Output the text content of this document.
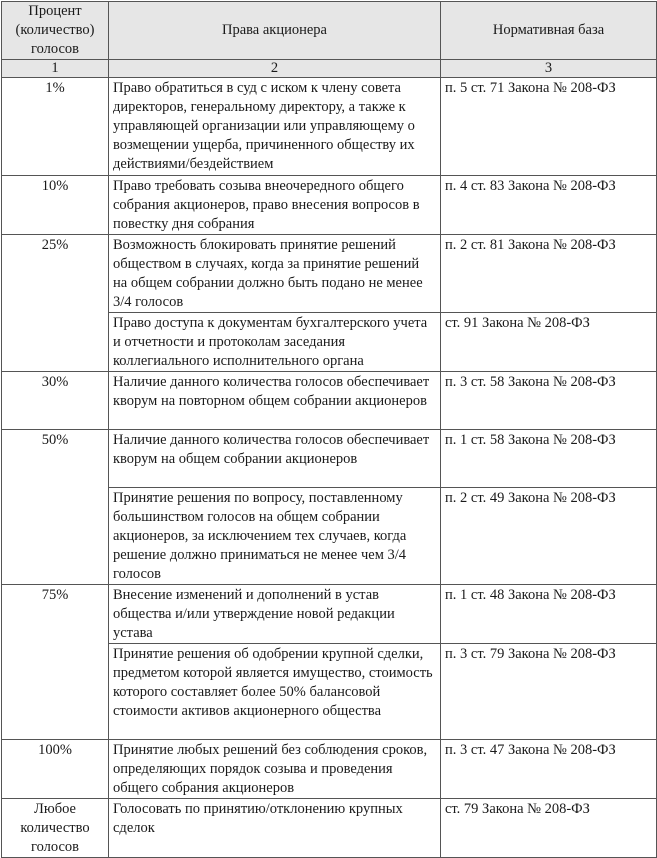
Процент (количество) голосов	Права акционера	Нормативная база
1	2	3
1%	Право обратиться в суд с иском к члену совета директоров, генеральному директору, а также к управляющей организации или управляющему о возмещении ущерба, причиненного обществу их действиями/бездействием	п. 5 ст. 71 Закона № 208-ФЗ
10%	Право требовать созыва внеочередного общего собрания акционеров, право внесения вопросов в повестку дня собрания	п. 4 ст. 83 Закона № 208-ФЗ
25%	Возможность блокировать принятие решений обществом в случаях, когда за принятие решений на общем собрании должно быть подано не менее 3/4 голосов	п. 2 ст. 81 Закона № 208-ФЗ
	Право доступа к документам бухгалтерского учета и отчетности и протоколам заседания коллегиального исполнительного органа	ст. 91 Закона № 208-ФЗ
30%	Наличие данного количества голосов обеспечивает кворум на повторном общем собрании акционеров	п. 3 ст. 58 Закона № 208-ФЗ
50%	Наличие данного количества голосов обеспечивает кворум на общем собрании акционеров	п. 1 ст. 58 Закона № 208-ФЗ
	Принятие решения по вопросу, поставленному большинством голосов на общем собрании акционеров, за исключением тех случаев, когда решение должно приниматься не менее чем 3/4 голосов	п. 2 ст. 49 Закона № 208-ФЗ
75%	Внесение изменений и дополнений в устав общества и/или утверждение новой редакции устава	п. 1 ст. 48 Закона № 208-ФЗ
	Принятие решения об одобрении крупной сделки, предметом которой является имущество, стоимость которого составляет более 50% балансовой стоимости активов акционерного общества	п. 3 ст. 79 Закона № 208-ФЗ
100%	Принятие любых решений без соблюдения сроков, определяющих порядок созыва и проведения общего собрания акционеров	п. 3 ст. 47 Закона № 208-ФЗ
Любое количество голосов	Голосовать по принятию/отклонению крупных сделок	ст. 79 Закона № 208-ФЗ
